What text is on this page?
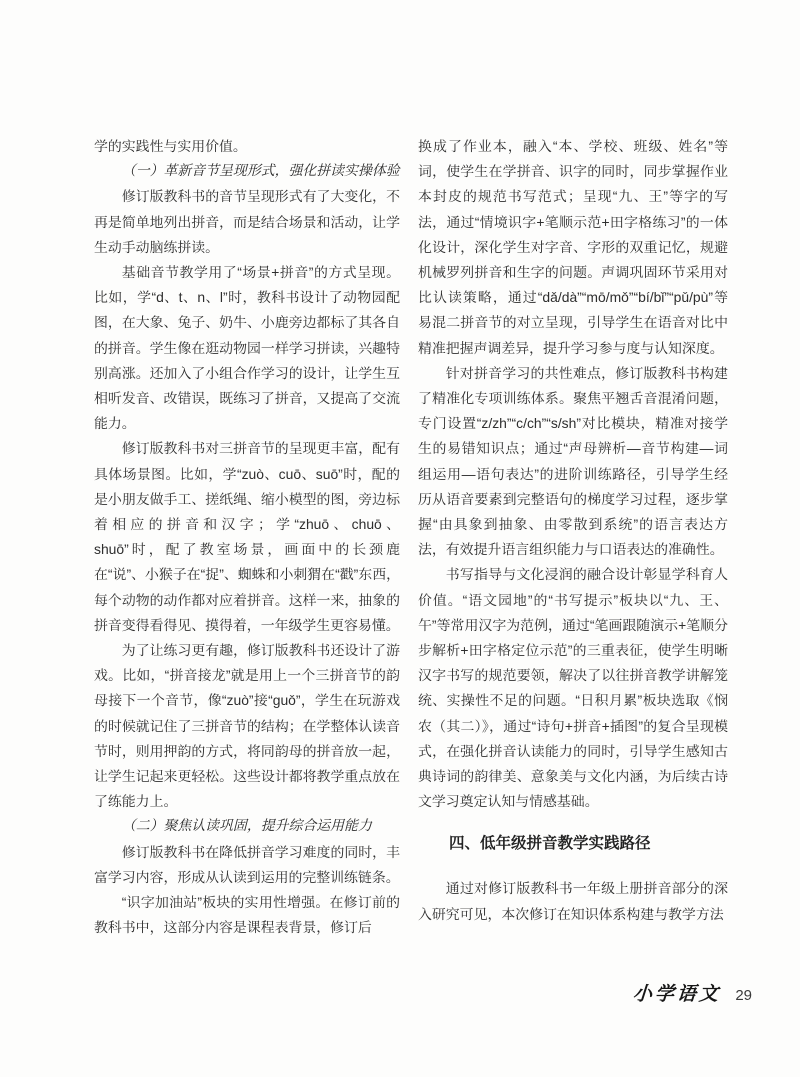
学的实践性与实用价值。

（一）革新音节呈现形式，强化拼读实操体验

修订版教科书的音节呈现形式有了大变化，不再是简单地列出拼音，而是结合场景和活动，让学生动手动脑练拼读。

基础音节教学用了“场景+拼音”的方式呈现。比如，学“d、t、n、l”时，教科书设计了动物园配图，在大象、兔子、奶牛、小鹿旁边都标了其各自的拼音。学生像在逛动物园一样学习拼读，兴趣特别高涨。还加入了小组合作学习的设计，让学生互相听发音、改错误，既练习了拼音，又提高了交流能力。

修订版教科书对三拼音节的呈现更丰富，配有具体场景图。比如，学“zuò、cuō、suō”时，配的是小朋友做手工、搓纸绳、缩小模型的图，旁边标着相应的拼音和汉字；学“zhuō、chuō、shuō”时，配了教室场景，画面中的长颈鹿在“说”、小猴子在“捉”、蜘蛛和小刺猬在“戳”东西，每个动物的动作都对应着拼音。这样一来，抽象的拼音变得看得见、摸得着，一年级学生更容易懂。

为了让练习更有趣，修订版教科书还设计了游戏。比如，“拼音接龙”就是用上一个三拼音节的韵母接下一个音节，像“zuò”接“guǒ”，学生在玩游戏的时候就记住了三拼音节的结构；在学整体认读音节时，则用押韵的方式，将同韵母的拼音放一起，让学生记起来更轻松。这些设计都将教学重点放在了练能力上。

（二）聚焦认读巩固，提升综合运用能力

修订版教科书在降低拼音学习难度的同时，丰富学习内容，形成从认读到运用的完整训练链条。

“识字加油站”板块的实用性增强。在修订前的教科书中，这部分内容是课程表背景，修订后

换成了作业本，融入“本、学校、班级、姓名”等词，使学生在学拼音、识字的同时，同步掌握作业本封皮的规范书写范式；呈现“九、王”等字的写法，通过“情境识字+笔顺示范+田字格练习”的一体化设计，深化学生对字音、字形的双重记忆，规避机械罗列拼音和生字的问题。声调巩固环节采用对比认读策略，通过“dǎ/dà”“mō/mǒ”“bí/bǐ”“pǔ/pù”等易混二拼音节的对立呈现，引导学生在语音对比中精准把握声调差异，提升学习参与度与认知深度。

针对拼音学习的共性难点，修订版教科书构建了精准化专项训练体系。聚焦平翘舌音混淆问题，专门设置“z/zh”“c/ch”“s/sh”对比模块，精准对接学生的易错知识点；通过“声母辨析—音节构建—词组运用—语句表达”的进阶训练路径，引导学生经历从语音要素到完整语句的梯度学习过程，逐步掌握“由具象到抽象、由零散到系统”的语言表达方法，有效提升语言组织能力与口语表达的准确性。

书写指导与文化浸润的融合设计彰显学科育人价值。“语文园地”的“书写提示”板块以“九、王、午”等常用汉字为范例，通过“笔画跟随演示+笔顺分步解析+田字格定位示范”的三重表征，使学生明晰汉字书写的规范要领，解决了以往拼音教学讲解笼统、实操性不足的问题。“日积月累”板块选取《悯农（其二）》，通过“诗句+拼音+插图”的复合呈现模式，在强化拼音认读能力的同时，引导学生感知古典诗词的韵律美、意象美与文化内涵，为后续古诗文学习奠定认知与情感基础。

四、低年级拼音教学实践路径

通过对修订版教科书一年级上册拼音部分的深入研究可见，本次修订在知识体系构建与教学方法

小学语文 29
